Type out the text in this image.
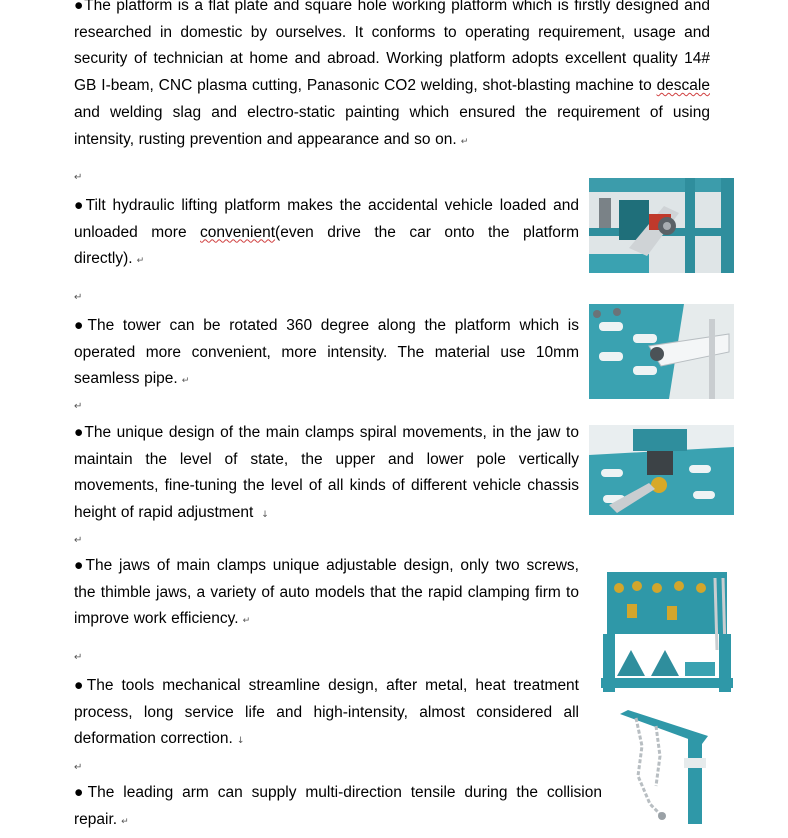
●The platform is a flat plate and square hole working platform which is firstly designed and researched in domestic by ourselves. It conforms to operating requirement, usage and security of technician at home and abroad. Working platform adopts excellent quality 14# GB I-beam, CNC plasma cutting, Panasonic CO2 welding, shot-blasting machine to descale and welding slag and electro-static painting which ensured the requirement of using intensity, rusting prevention and appearance and so on. ↵
↵
●Tilt hydraulic lifting platform makes the accidental vehicle loaded and unloaded more convenient(even drive the car onto the platform directly). ↵
↵
●The tower can be rotated 360 degree along the platform which is operated more convenient, more intensity. The material use 10mm seamless pipe. ↵
↵
●The unique design of the main clamps spiral movements, in the jaw to maintain the level of state, the upper and lower pole vertically movements, fine-tuning the level of all kinds of different vehicle chassis height of rapid adjustment ↓
↵
●The jaws of main clamps unique adjustable design, only two screws, the thimble jaws, a variety of auto models that the rapid clamping firm to improve work efficiency. ↵
↵
●The tools mechanical streamline design, after metal, heat treatment process, long service life and high-intensity, almost considered all deformation correction. ↓
↵
●The leading arm can supply multi-direction tensile during the collision repair. ↵
